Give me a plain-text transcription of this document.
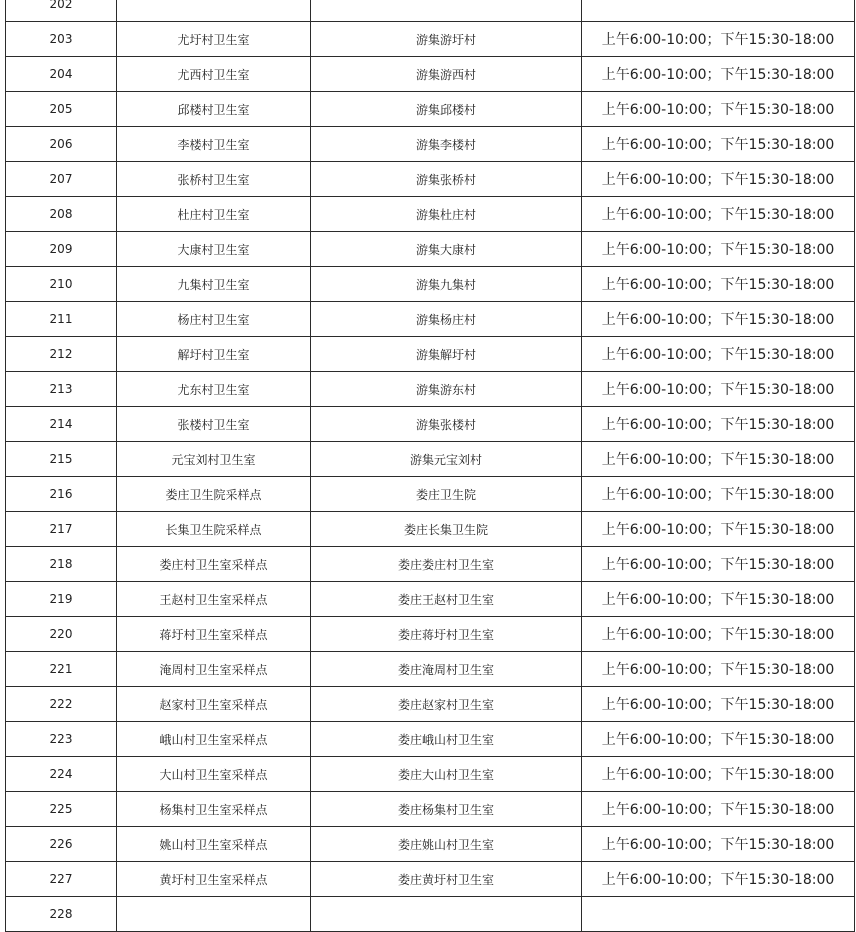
202			
203	尤圩村卫生室	游集游圩村	上午6:00-10:00；下午15:30-18:00
204	尤西村卫生室	游集游西村	上午6:00-10:00；下午15:30-18:00
205	邱楼村卫生室	游集邱楼村	上午6:00-10:00；下午15:30-18:00
206	李楼村卫生室	游集李楼村	上午6:00-10:00；下午15:30-18:00
207	张桥村卫生室	游集张桥村	上午6:00-10:00；下午15:30-18:00
208	杜庄村卫生室	游集杜庄村	上午6:00-10:00；下午15:30-18:00
209	大康村卫生室	游集大康村	上午6:00-10:00；下午15:30-18:00
210	九集村卫生室	游集九集村	上午6:00-10:00；下午15:30-18:00
211	杨庄村卫生室	游集杨庄村	上午6:00-10:00；下午15:30-18:00
212	解圩村卫生室	游集解圩村	上午6:00-10:00；下午15:30-18:00
213	尤东村卫生室	游集游东村	上午6:00-10:00；下午15:30-18:00
214	张楼村卫生室	游集张楼村	上午6:00-10:00；下午15:30-18:00
215	元宝刘村卫生室	游集元宝刘村	上午6:00-10:00；下午15:30-18:00
216	娄庄卫生院采样点	娄庄卫生院	上午6:00-10:00；下午15:30-18:00
217	长集卫生院采样点	娄庄长集卫生院	上午6:00-10:00；下午15:30-18:00
218	娄庄村卫生室采样点	娄庄娄庄村卫生室	上午6:00-10:00；下午15:30-18:00
219	王赵村卫生室采样点	娄庄王赵村卫生室	上午6:00-10:00；下午15:30-18:00
220	蒋圩村卫生室采样点	娄庄蒋圩村卫生室	上午6:00-10:00；下午15:30-18:00
221	淹周村卫生室采样点	娄庄淹周村卫生室	上午6:00-10:00；下午15:30-18:00
222	赵家村卫生室采样点	娄庄赵家村卫生室	上午6:00-10:00；下午15:30-18:00
223	峨山村卫生室采样点	娄庄峨山村卫生室	上午6:00-10:00；下午15:30-18:00
224	大山村卫生室采样点	娄庄大山村卫生室	上午6:00-10:00；下午15:30-18:00
225	杨集村卫生室采样点	娄庄杨集村卫生室	上午6:00-10:00；下午15:30-18:00
226	姚山村卫生室采样点	娄庄姚山村卫生室	上午6:00-10:00；下午15:30-18:00
227	黄圩村卫生室采样点	娄庄黄圩村卫生室	上午6:00-10:00；下午15:30-18:00
228			
